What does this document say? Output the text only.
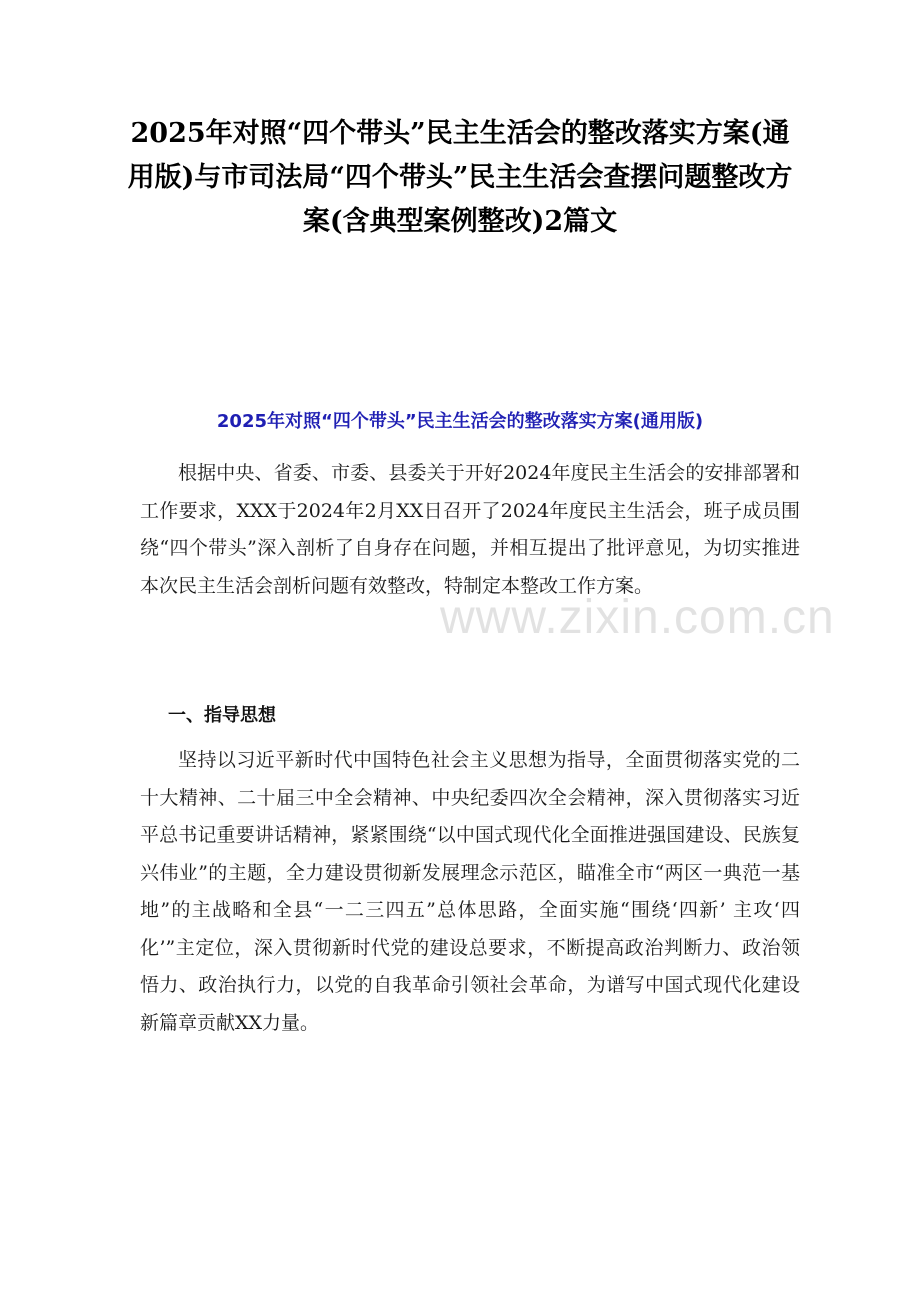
2025年对照“四个带头”民主生活会的整改落实方案(通用版)与市司法局“四个带头”民主生活会查摆问题整改方案(含典型案例整改)2篇文
2025年对照“四个带头”民主生活会的整改落实方案(通用版)

根据中央、省委、市委、县委关于开好2024年度民主生活会的安排部署和工作要求，XXX于2024年2月XX日召开了2024年度民主生活会，班子成员围绕“四个带头”深入剖析了自身存在问题，并相互提出了批评意见，为切实推进本次民主生活会剖析问题有效整改，特制定本整改工作方案。

一、指导思想

坚持以习近平新时代中国特色社会主义思想为指导，全面贯彻落实党的二十大精神、二十届三中全会精神、中央纪委四次全会精神，深入贯彻落实习近平总书记重要讲话精神，紧紧围绕“以中国式现代化全面推进强国建设、民族复兴伟业”的主题，全力建设贯彻新发展理念示范区，瞄准全市“两区一典范一基地”的主战略和全县“一二三四五”总体思路，全面实施“围绕‘四新’ 主攻‘四化’”主定位，深入贯彻新时代党的建设总要求，不断提高政治判断力、政治领悟力、政治执行力，以党的自我革命引领社会革命，为谱写中国式现代化建设新篇章贡献XX力量。

www.zixin.com.cn
